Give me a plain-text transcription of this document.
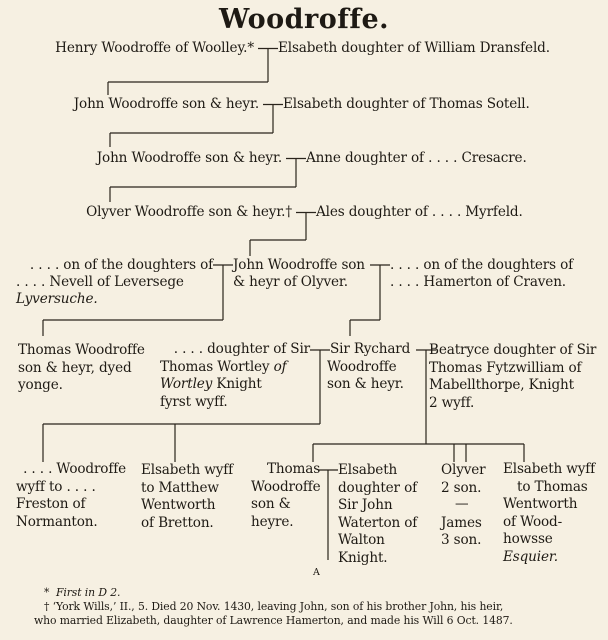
Woodroffe.
Henry Woodroffe of Woolley.* Elsabeth doughter of William Dransfeld.
John Woodroffe son & heyr. Elsabeth doughter of Thomas Sotell.
John Woodroffe son & heyr. Anne doughter of . . . . Cresacre.
Olyver Woodroffe son & heyr.† Ales doughter of . . . . Myrfeld.
. . . . on of the doughters of
. . . . Nevell of Leversege
Lyversuche.
John Woodroffe son
& heyr of Olyver.
. . . . on of the doughters of
. . . . Hamerton of Craven.
Thomas Woodroffe
son & heyr, dyed
yonge.
. . . . doughter of Sir
Thomas Wortley of
Wortley Knight
fyrst wyff.
Sir Rychard
Woodroffe
son & heyr.
Beatryce doughter of Sir
Thomas Fytzwilliam of
Mabellthorpe, Knight
2 wyff.
. . . . Woodroffe
wyff to . . . .
Freston of
Normanton.
Elsabeth wyff
to Matthew
Wentworth
of Bretton.
Thomas
Woodroffe
son &
heyre.
Elsabeth
doughter of
Sir John
Waterton of
Walton
Knight.
Olyver
2 son.
—
James
3 son.
Elsabeth wyff
to Thomas
Wentworth
of Wood-
howsse
Esquier.
A
* First in D 2.
† ‘York Wills,’ II., 5. Died 20 Nov. 1430, leaving John, son of his brother John, his heir,
who married Elizabeth, daughter of Lawrence Hamerton, and made his Will 6 Oct. 1487.
